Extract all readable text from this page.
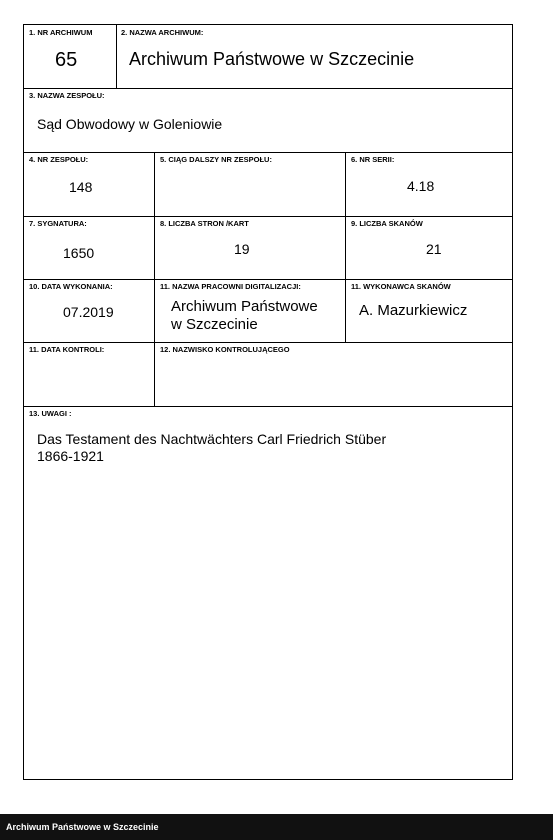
1. NR ARCHIWUM
65
2. NAZWA ARCHIWUM:
Archiwum Państwowe w Szczecinie
3. NAZWA ZESPOŁU:
Sąd Obwodowy w Goleniowie
4. NR ZESPOŁU:
148
5. CIĄG DALSZY NR ZESPOŁU:	6. NR SERII:
4.18
7. SYGNATURA:
1650
8. LICZBA STRON /KART
19
9. LICZBA SKANÓW
21
10. DATA WYKONANIA:
07.2019
11. NAZWA PRACOWNI DIGITALIZACJI:
Archiwum Państwowe
w Szczecinie
11. WYKONAWCA SKANÓW
A. Mazurkiewicz
11. DATA KONTROLI:	12. NAZWISKO KONTROLUJĄCEGO
13. UWAGI :
Das Testament des Nachtwächters Carl Friedrich Stüber
1866-1921
Archiwum Państwowe w Szczecinie
